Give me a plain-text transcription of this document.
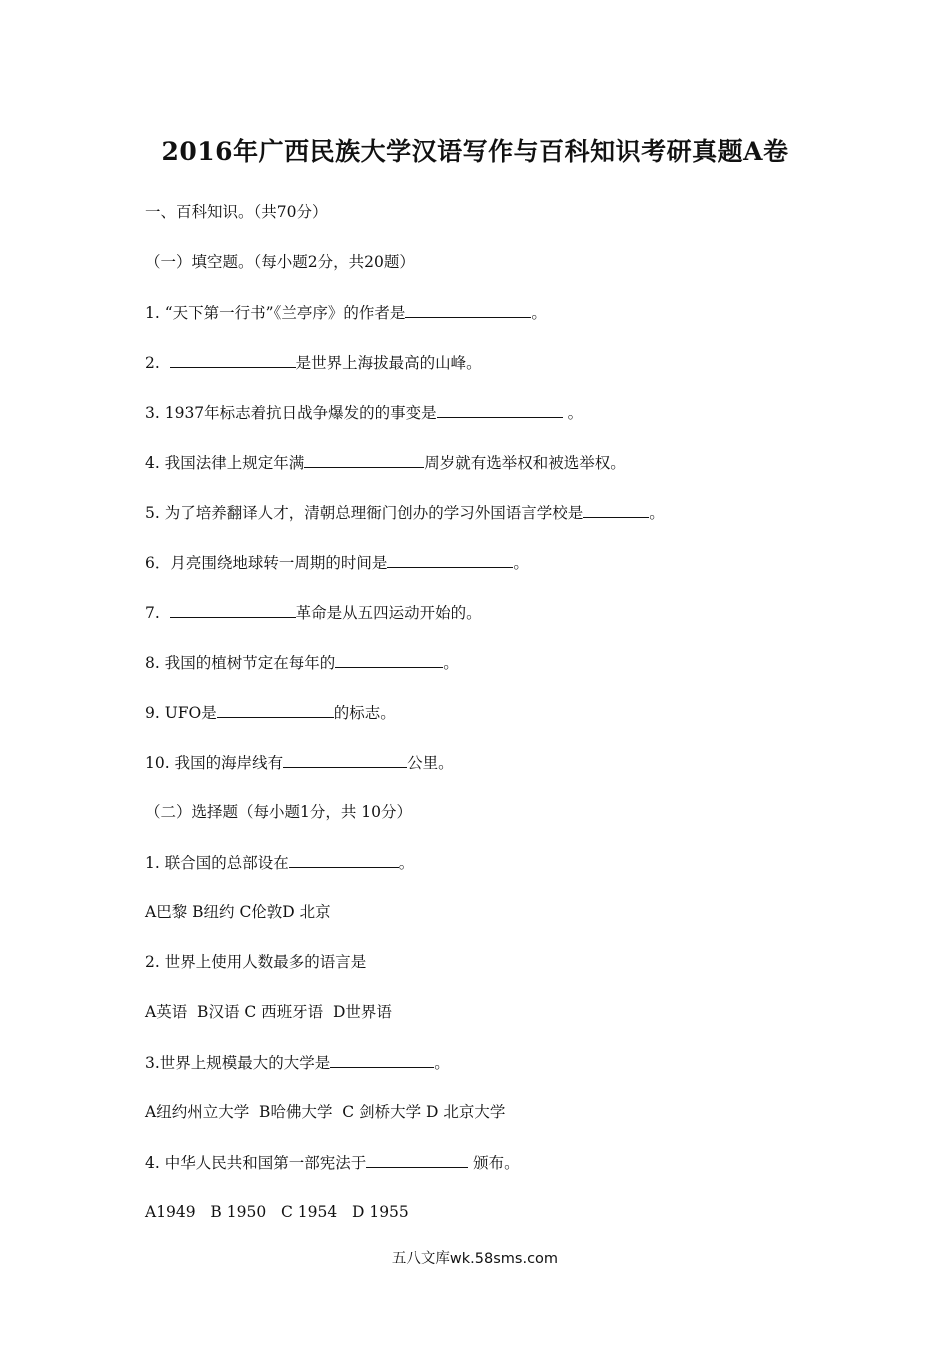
2016年广西民族大学汉语写作与百科知识考研真题A卷
一、百科知识。（共70分）
（一）填空题。（每小题2分，共20题）
1. “天下第一行书”《兰亭序》的作者是	。
2.	是世界上海拔最高的山峰。
3. 1937年标志着抗日战争爆发的的事变是	。
4. 我国法律上规定年满	周岁就有选举权和被选举权。
5. 为了培养翻译人才，清朝总理衙门创办的学习外国语言学校是	。
6．月亮围绕地球转一周期的时间是	。
7.	革命是从五四运动开始的。
8. 我国的植树节定在每年的	。
9. UFO是	的标志。
10. 我国的海岸线有	公里。
（二）选择题（每小题1分，共 10分）
1. 联合国的总部设在	。
A巴黎 B纽约 C伦敦D 北京
2. 世界上使用人数最多的语言是
A英语  B汉语 C 西班牙语  D世界语
3.世界上规模最大的大学是	。
A纽约州立大学  B哈佛大学  C 剑桥大学 D 北京大学
4. 中华人民共和国第一部宪法于	颁布。
A1949   B 1950   C 1954   D 1955
五八文库wk.58sms.com
